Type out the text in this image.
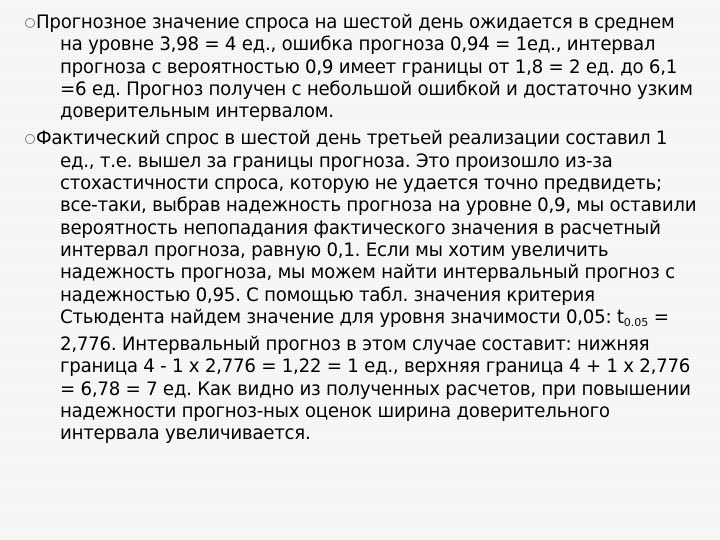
Прогнозное значение спроса на шестой день ожидается в среднем на уровне 3,98 = 4 ед., ошибка прогноза 0,94 = 1ед., интервал прогноза с вероятностью 0,9 имеет границы от 1,8 = 2 ед. до 6,1 =6 ед. Прогноз получен с небольшой ошибкой и достаточно узким доверительным интервалом.

Фактический спрос в шестой день третьей реализации составил 1 ед., т.е. вышел за границы прогноза. Это произошло из-за стохастичности спроса, которую не удается точно предвидеть; все-таки, выбрав надежность прогноза на уровне 0,9, мы оставили вероятность непопадания фактического значения в расчетный интервал прогноза, равную 0,1. Если мы хотим увеличить надежность прогноза, мы можем найти интервальный прогноз с надежностью 0,95. С помощью табл. значения критерия Стьюдента найдем значение для уровня значимости 0,05: $t_{0.05} = 2,776$. Интервальный прогноз в этом случае составит: нижняя граница 4 - 1 х 2,776 = 1,22 = 1 ед., верхняя граница 4 + 1 х 2,776 = 6,78 = 7 ед. Как видно из полученных расчетов, при повышении надежности прогноз-ных оценок ширина доверительного интервала увеличивается.
